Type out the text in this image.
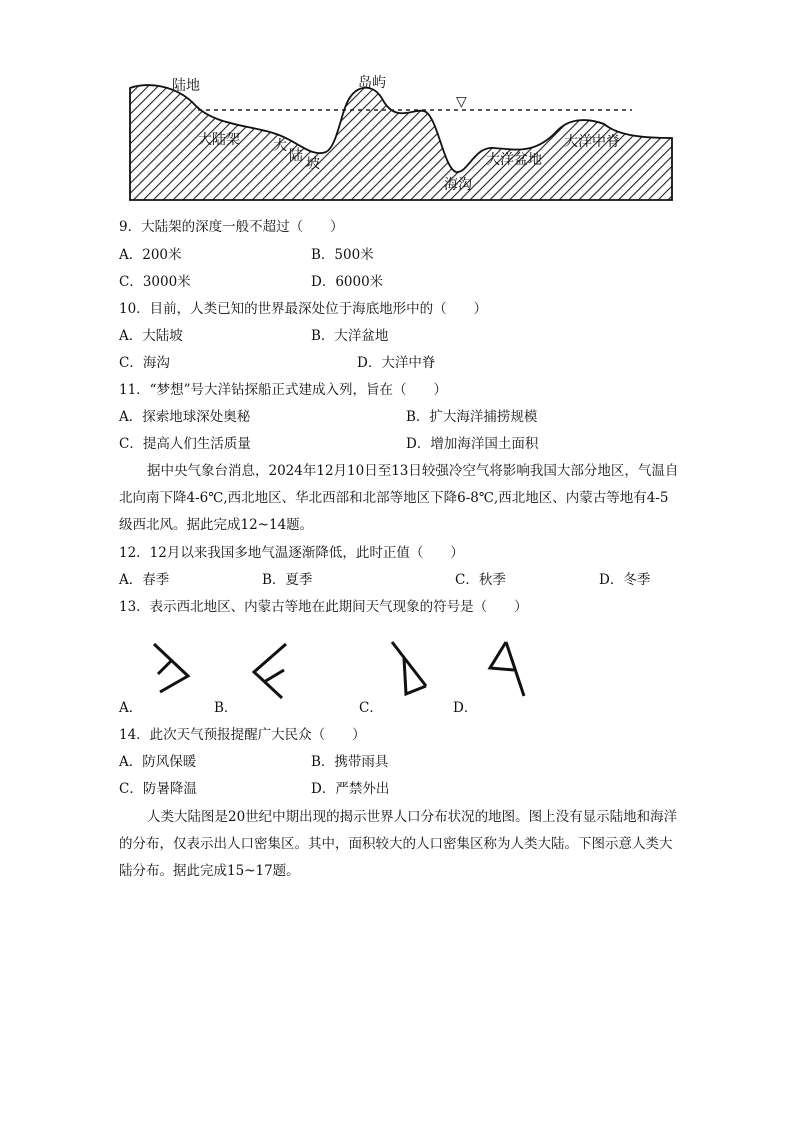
陆地	岛屿
▽
大陆架 大
陆 坡
海沟
大洋盆地
大洋中脊
9．大陆架的深度一般不超过（　　）
A．200米	B．500米
C．3000米	D．6000米
10．目前，人类已知的世界最深处位于海底地形中的（　　）
A．大陆坡	B．大洋盆地
C．海沟	D．大洋中脊
11．“梦想”号大洋钻探船正式建成入列，旨在（　　）
A．探索地球深处奥秘	B．扩大海洋捕捞规模
C．提高人们生活质量	D．增加海洋国土面积
据中央气象台消息，2024年12月10日至13日较强冷空气将影响我国大部分地区，气温自北向南下降4-6℃,西北地区、华北西部和北部等地区下降6-8℃,西北地区、内蒙古等地有4-5级西北风。据此完成12~14题。
12．12月以来我国多地气温逐渐降低，此时正值（　　）
A．春季	B．夏季	C．秋季	D．冬季
13．表示西北地区、内蒙古等地在此期间天气现象的符号是（　　）
A．	B．	C．	D．
14．此次天气预报提醒广大民众（　　）
A．防风保暖	B．携带雨具
C．防暑降温	D．严禁外出
人类大陆图是20世纪中期出现的揭示世界人口分布状况的地图。图上没有显示陆地和海洋的分布，仅表示出人口密集区。其中，面积较大的人口密集区称为人类大陆。下图示意人类大陆分布。据此完成15~17题。
